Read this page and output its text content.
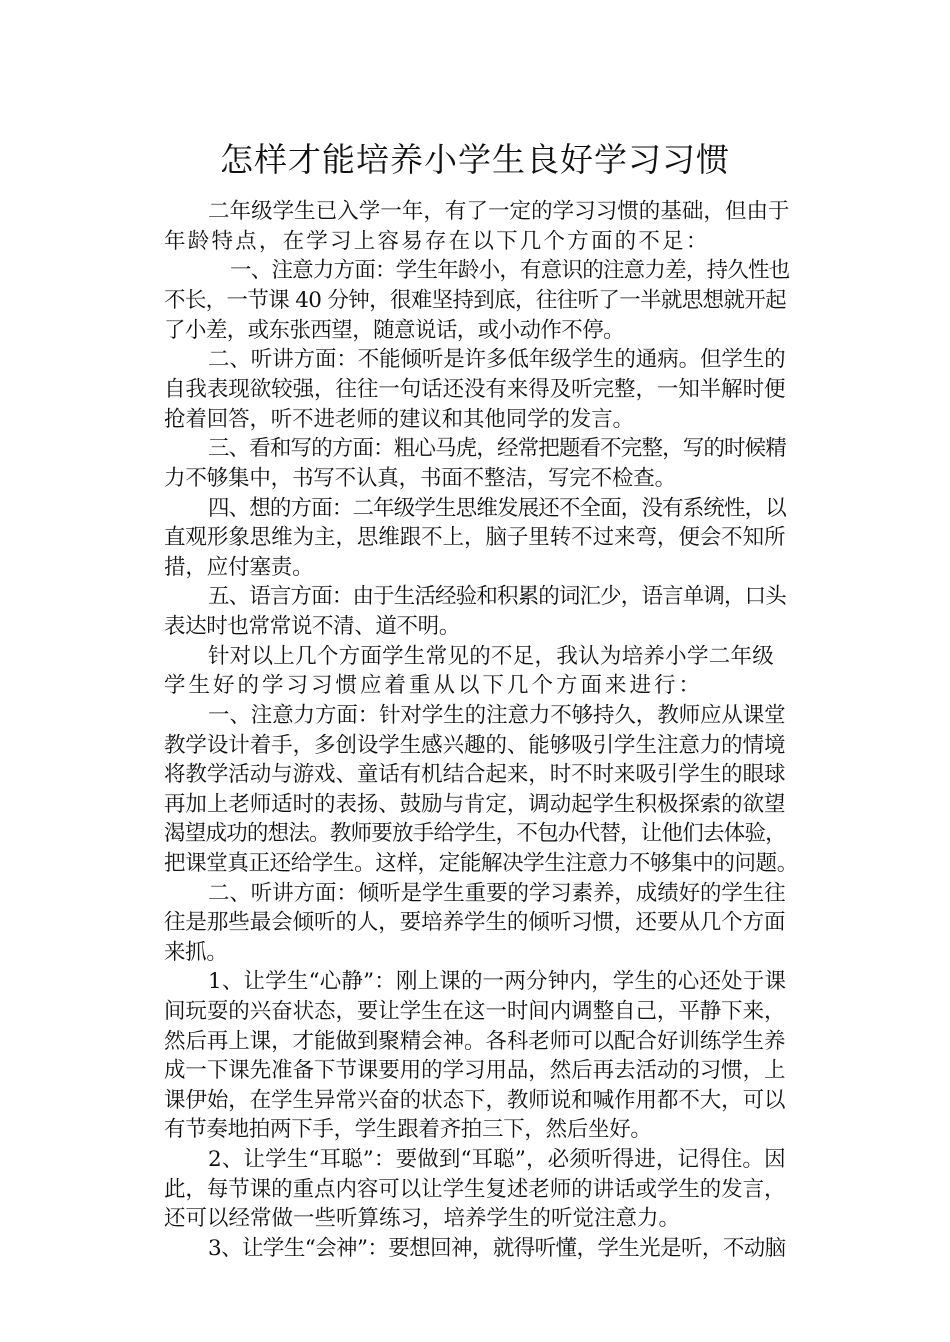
怎样才能培养小学生良好学习习惯
二年级学生已入学一年，有了一定的学习习惯的基础，但由于
年龄特点，在学习上容易存在以下几个方面的不足：
一、注意力方面：学生年龄小，有意识的注意力差，持久性也
不长，一节课 40 分钟，很难坚持到底，往往听了一半就思想就开起
了小差，或东张西望，随意说话，或小动作不停。
二、听讲方面：不能倾听是许多低年级学生的通病。但学生的
自我表现欲较强，往往一句话还没有来得及听完整，一知半解时便
抢着回答，听不进老师的建议和其他同学的发言。
三、看和写的方面：粗心马虎，经常把题看不完整，写的时候精
力不够集中，书写不认真，书面不整洁，写完不检查。
四、想的方面：二年级学生思维发展还不全面，没有系统性，以
直观形象思维为主，思维跟不上，脑子里转不过来弯，便会不知所
措，应付塞责。
五、语言方面：由于生活经验和积累的词汇少，语言单调，口头
表达时也常常说不清、道不明。
针对以上几个方面学生常见的不足，我认为培养小学二年级
学生好的学习习惯应着重从以下几个方面来进行：
一、注意力方面：针对学生的注意力不够持久，教师应从课堂
教学设计着手，多创设学生感兴趣的、能够吸引学生注意力的情境
将教学活动与游戏、童话有机结合起来，时不时来吸引学生的眼球
再加上老师适时的表扬、鼓励与肯定，调动起学生积极探索的欲望
渴望成功的想法。教师要放手给学生，不包办代替，让他们去体验，
把课堂真正还给学生。这样，定能解决学生注意力不够集中的问题。
二、听讲方面：倾听是学生重要的学习素养，成绩好的学生往
往是那些最会倾听的人，要培养学生的倾听习惯，还要从几个方面
来抓。
1、让学生“心静”：刚上课的一两分钟内，学生的心还处于课
间玩耍的兴奋状态，要让学生在这一时间内调整自己，平静下来，
然后再上课，才能做到聚精会神。各科老师可以配合好训练学生养
成一下课先准备下节课要用的学习用品，然后再去活动的习惯，上
课伊始，在学生异常兴奋的状态下，教师说和喊作用都不大，可以
有节奏地拍两下手，学生跟着齐拍三下，然后坐好。
2、让学生“耳聪”：要做到“耳聪”，必须听得进，记得住。因
此，每节课的重点内容可以让学生复述老师的讲话或学生的发言，
还可以经常做一些听算练习，培养学生的听觉注意力。
3、让学生“会神”：要想回神，就得听懂，学生光是听，不动脑
